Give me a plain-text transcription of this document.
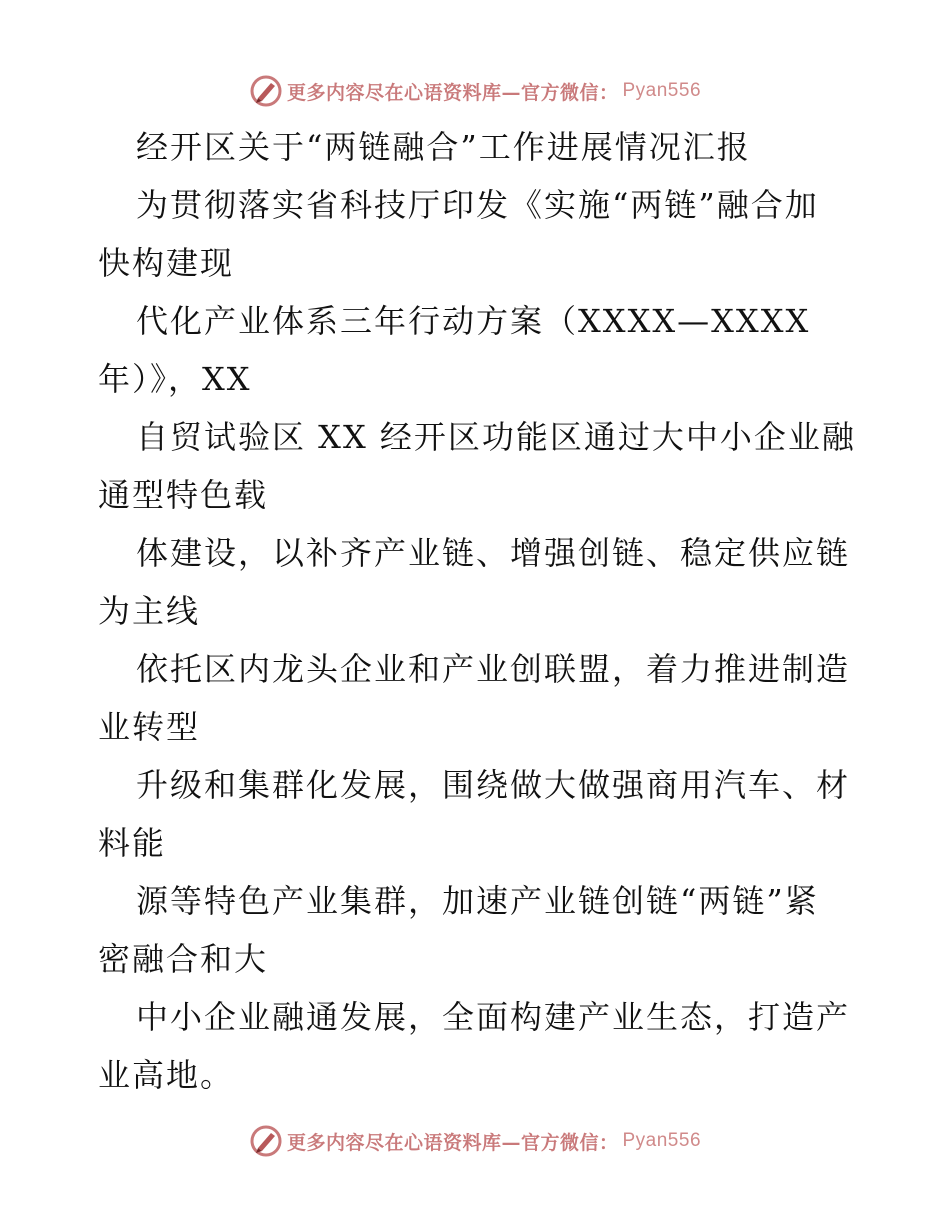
更多内容尽在心语资料库—官方微信： Pyan556
经开区关于“两链融合”工作进展情况汇报
为贯彻落实省科技厅印发《实施“两链”融合加
快构建现
代化产业体系三年行动方案（XXXX—XXXX
年）》，XX
自贸试验区 XX 经开区功能区通过大中小企业融
通型特色载
体建设，以补齐产业链、增强创链、稳定供应链
为主线
依托区内龙头企业和产业创联盟，着力推进制造
业转型
升级和集群化发展，围绕做大做强商用汽车、材
料能
源等特色产业集群，加速产业链创链“两链”紧
密融合和大
中小企业融通发展，全面构建产业生态，打造产
业高地。
更多内容尽在心语资料库—官方微信： Pyan556
